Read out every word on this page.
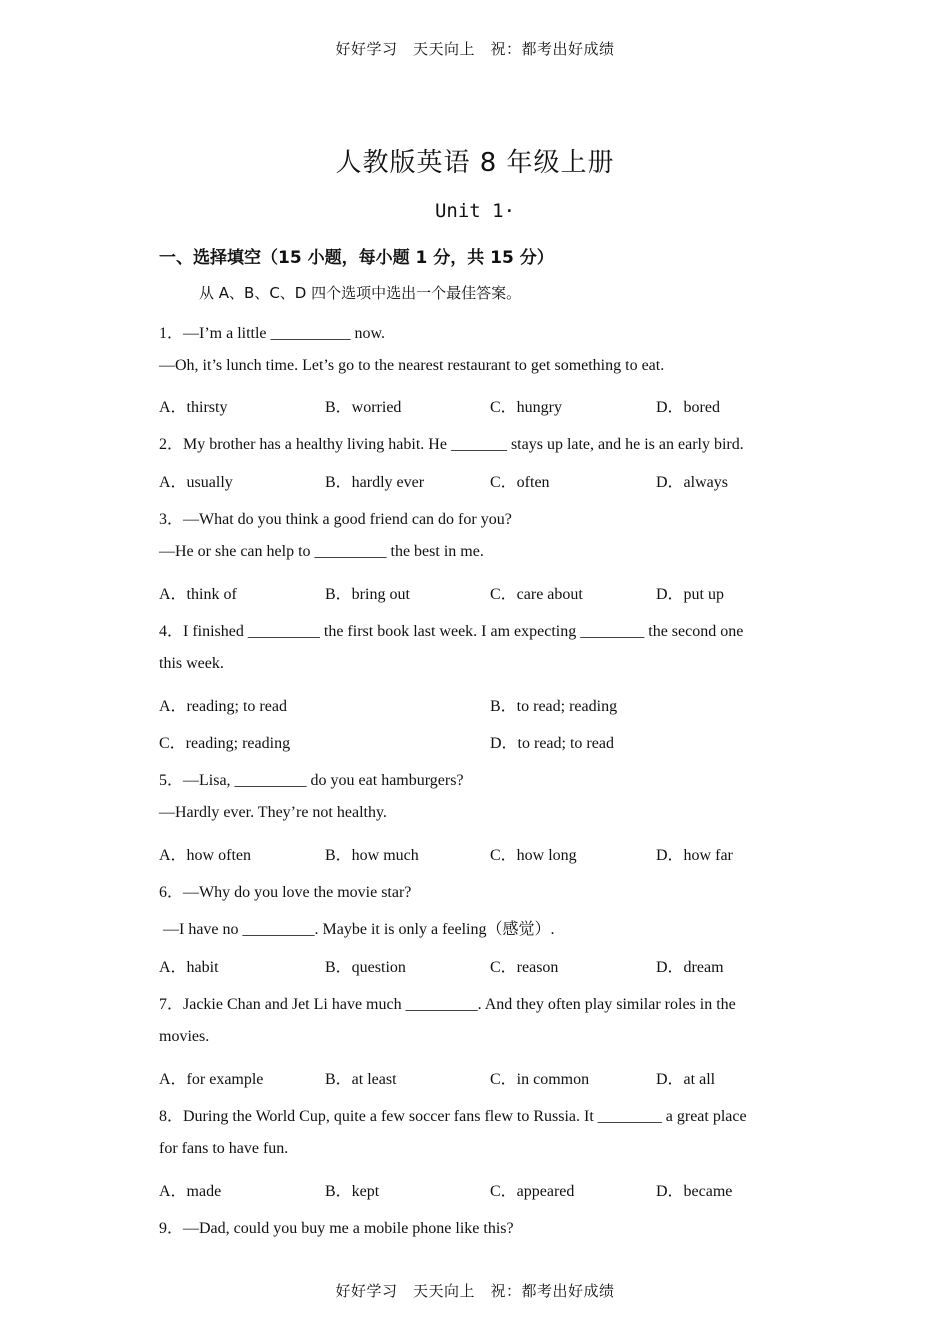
好好学习　天天向上　祝：都考出好成绩
人教版英语 8 年级上册
Unit 1·
一、选择填空（15 小题，每小题 1 分，共 15 分）
从 A、B、C、D 四个选项中选出一个最佳答案。
1．—I’m a little __________ now.
—Oh, it’s lunch time. Let’s go to the nearest restaurant to get something to eat.
A．thirsty	B．worried	C．hungry	D．bored
2．My brother has a healthy living habit. He _______ stays up late, and he is an early bird.
A．usually	B．hardly ever	C．often	D．always
3．—What do you think a good friend can do for you?
—He or she can help to _________ the best in me.
A．think of	B．bring out	C．care about	D．put up
4．I finished _________ the first book last week. I am expecting ________ the second one
this week.
A．reading; to read	B．to read; reading
C．reading; reading	D．to read; to read
5．—Lisa, _________ do you eat hamburgers?
—Hardly ever. They’re not healthy.
A．how often	B．how much	C．how long	D．how far
6．—Why do you love the movie star?
—I have no _________. Maybe it is only a feeling（感觉）.
A．habit	B．question	C．reason	D．dream
7．Jackie Chan and Jet Li have much _________. And they often play similar roles in the
movies.
A．for example	B．at least	C．in common	D．at all
8．During the World Cup, quite a few soccer fans flew to Russia. It ________ a great place
for fans to have fun.
A．made	B．kept	C．appeared	D．became
9．—Dad, could you buy me a mobile phone like this?
好好学习　天天向上　祝：都考出好成绩
